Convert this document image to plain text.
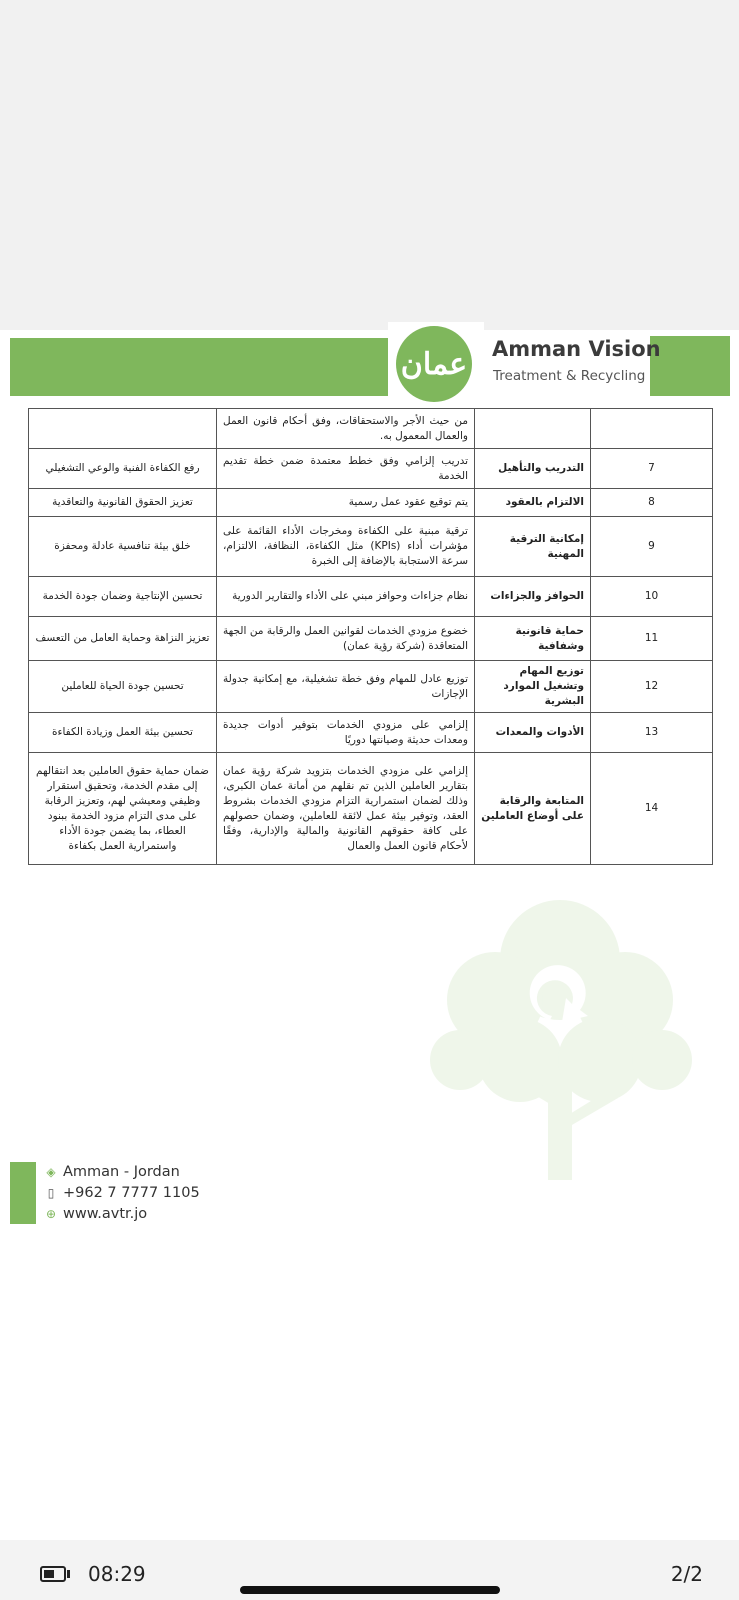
عمان Amman Vision
Treatment & Recycling
		من حيث الأجر والاستحقاقات، وفق أحكام قانون العمل والعمال المعمول به.	
7	التدريب والتأهيل	تدريب إلزامي وفق خطط معتمدة ضمن خطة تقديم الخدمة	رفع الكفاءة الفنية والوعي التشغيلي
8	الالتزام بالعقود	يتم توقيع عقود عمل رسمية	تعزيز الحقوق القانونية والتعاقدية
9	إمكانية الترقية المهنية	ترقية مبنية على الكفاءة ومخرجات الأداء القائمة على مؤشرات أداء (KPIs) مثل الكفاءة، النظافة، الالتزام، سرعة الاستجابة بالإضافة إلى الخبرة	خلق بيئة تنافسية عادلة ومحفزة
10	الحوافز والجزاءات	نظام جزاءات وحوافز مبني على الأداء والتقارير الدورية	تحسين الإنتاجية وضمان جودة الخدمة
11	حماية قانونية وشفافية	خضوع مزودي الخدمات لقوانين العمل والرقابة من الجهة المتعاقدة (شركة رؤية عمان)	تعزيز النزاهة وحماية العامل من التعسف
12	توزيع المهام وتشغيل الموارد البشرية	توزيع عادل للمهام وفق خطة تشغيلية، مع إمكانية جدولة الإجازات	تحسين جودة الحياة للعاملين
13	الأدوات والمعدات	إلزامي على مزودي الخدمات بتوفير أدوات جديدة ومعدات حديثة وصيانتها دوريًا	تحسين بيئة العمل وزيادة الكفاءة
14	المتابعة والرقابة على أوضاع العاملين	إلزامي على مزودي الخدمات بتزويد شركة رؤية عمان بتقارير العاملين الذين تم نقلهم من أمانة عمان الكبرى، وذلك لضمان استمرارية التزام مزودي الخدمات بشروط العقد، وتوفير بيئة عمل لائقة للعاملين، وضمان حصولهم على كافة حقوقهم القانونية والمالية والإدارية، وفقًا لأحكام قانون العمل والعمال	ضمان حماية حقوق العاملين بعد انتقالهم إلى مقدم الخدمة، وتحقيق استقرار وظيفي ومعيشي لهم، وتعزيز الرقابة على مدى التزام مزود الخدمة ببنود العطاء، بما يضمن جودة الأداء واستمرارية العمل بكفاءة
◈ Amman - Jordan
▯ +962 7 7777 1105
⊕ www.avtr.jo
08:29	2/2
